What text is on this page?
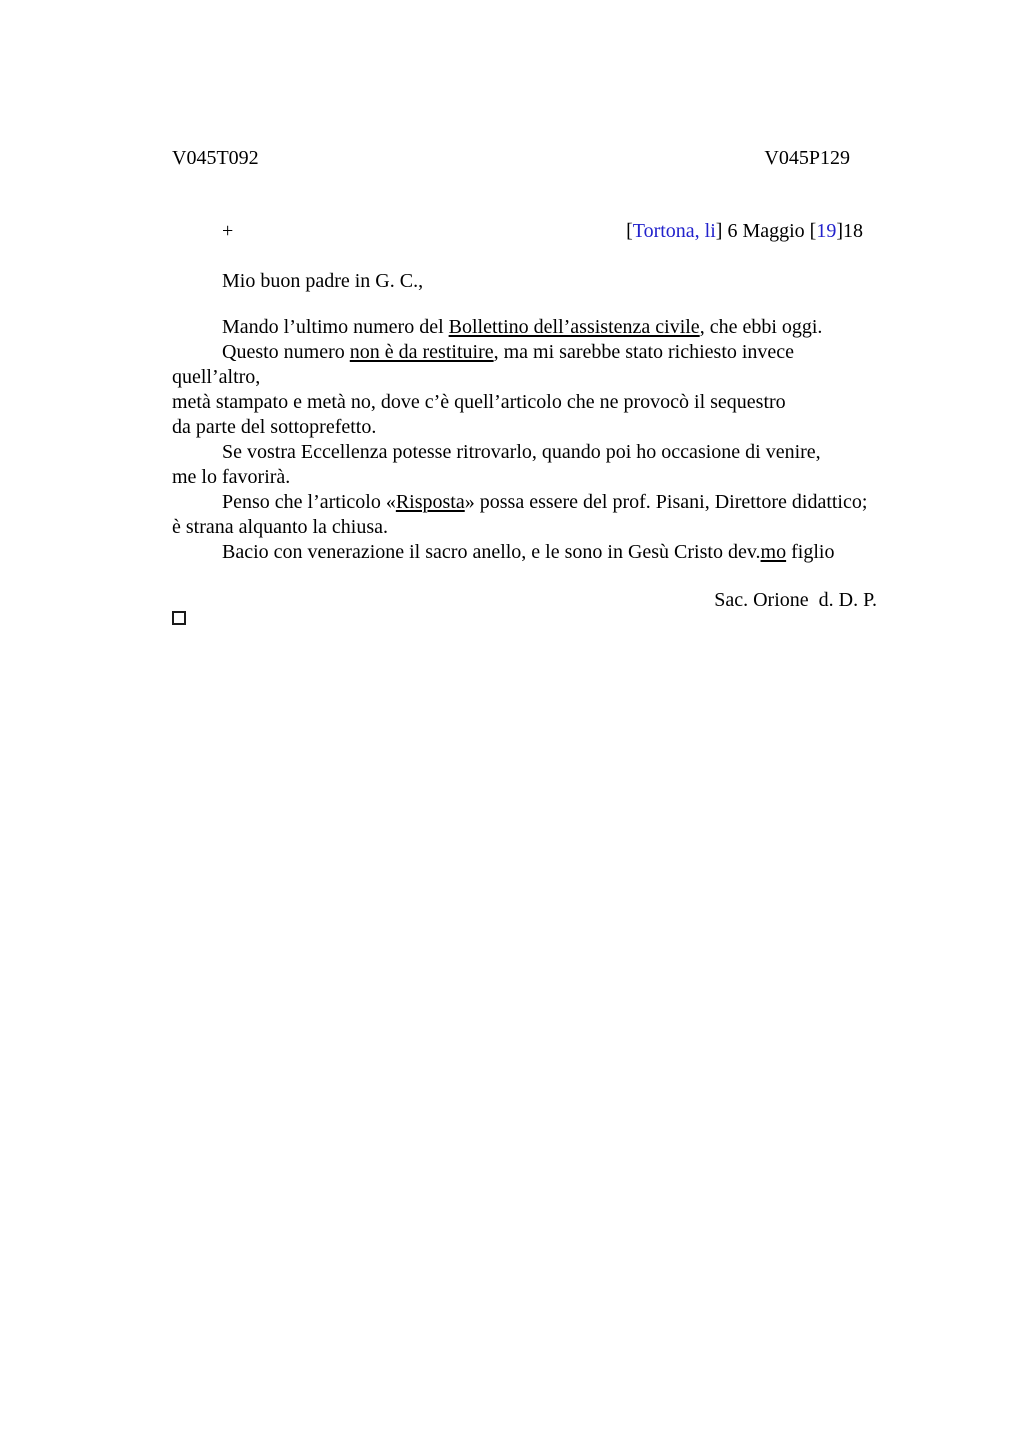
V045T092	V045P129
+	[Tortona, li] 6 Maggio [19]18
Mio buon padre in G. C.,
Mando l’ultimo numero del Bollettino dell’assistenza civile, che ebbi oggi.
Questo numero non è da restituire, ma mi sarebbe stato richiesto invece
quell’altro,
metà stampato e metà no, dove c’è quell’articolo che ne provocò il sequestro
da parte del sottoprefetto.
Se vostra Eccellenza potesse ritrovarlo, quando poi ho occasione di venire,
me lo favorirà.
Penso che l’articolo «Risposta» possa essere del prof. Pisani, Direttore didattico;
è strana alquanto la chiusa.
Bacio con venerazione il sacro anello, e le sono in Gesù Cristo dev.mo figlio
Sac. Orione  d. D. P.
